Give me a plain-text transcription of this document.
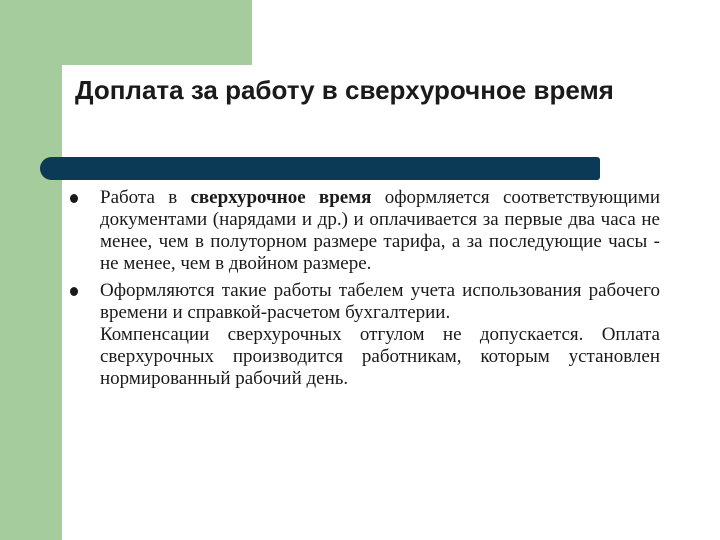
Доплата за работу в сверхурочное время
Работа в сверхурочное время оформляется соответствующими документами (нарядами и др.) и оплачивается за первые два часа не менее, чем в полуторном размере тарифа, а за последующие часы - не менее, чем в двойном размере.
Оформляются такие работы табелем учета использования рабочего времени и справкой-расчетом бухгалтерии.
Компенсации сверхурочных отгулом не допускается. Оплата сверхурочных производится работникам, которым установлен нормированный рабочий день.
